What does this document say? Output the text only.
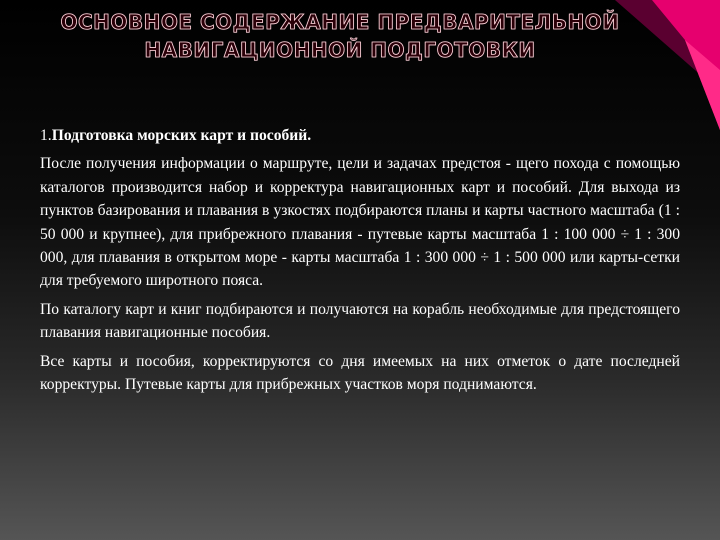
ОСНОВНОЕ СОДЕРЖАНИЕ ПРЕДВАРИТЕЛЬНОЙ
НАВИГАЦИОННОЙ ПОДГОТОВКИ

1.Подготовка морских карт и пособий.

После получения информации о маршруте, цели и задачах предстоя - щего похода с помощью каталогов производится набор и корректура навигационных карт и пособий. Для выхода из пунктов базирования и плавания в узкостях подбираются планы и карты частного масштаба (1 : 50 000 и крупнее), для прибрежного плавания - путевые карты масштаба 1 : 100 000 ÷ 1 : 300 000, для плавания в открытом море - карты масштаба 1 : 300 000 ÷ 1 : 500 000 или карты-сетки для требуемого широтного пояса.

По каталогу карт и книг подбираются и получаются на корабль необходимые для предстоящего плавания навигационные пособия.

Все карты и пособия, корректируются со дня имеемых на них отметок о дате последней корректуры. Путевые карты для прибрежных участков моря поднимаются.
